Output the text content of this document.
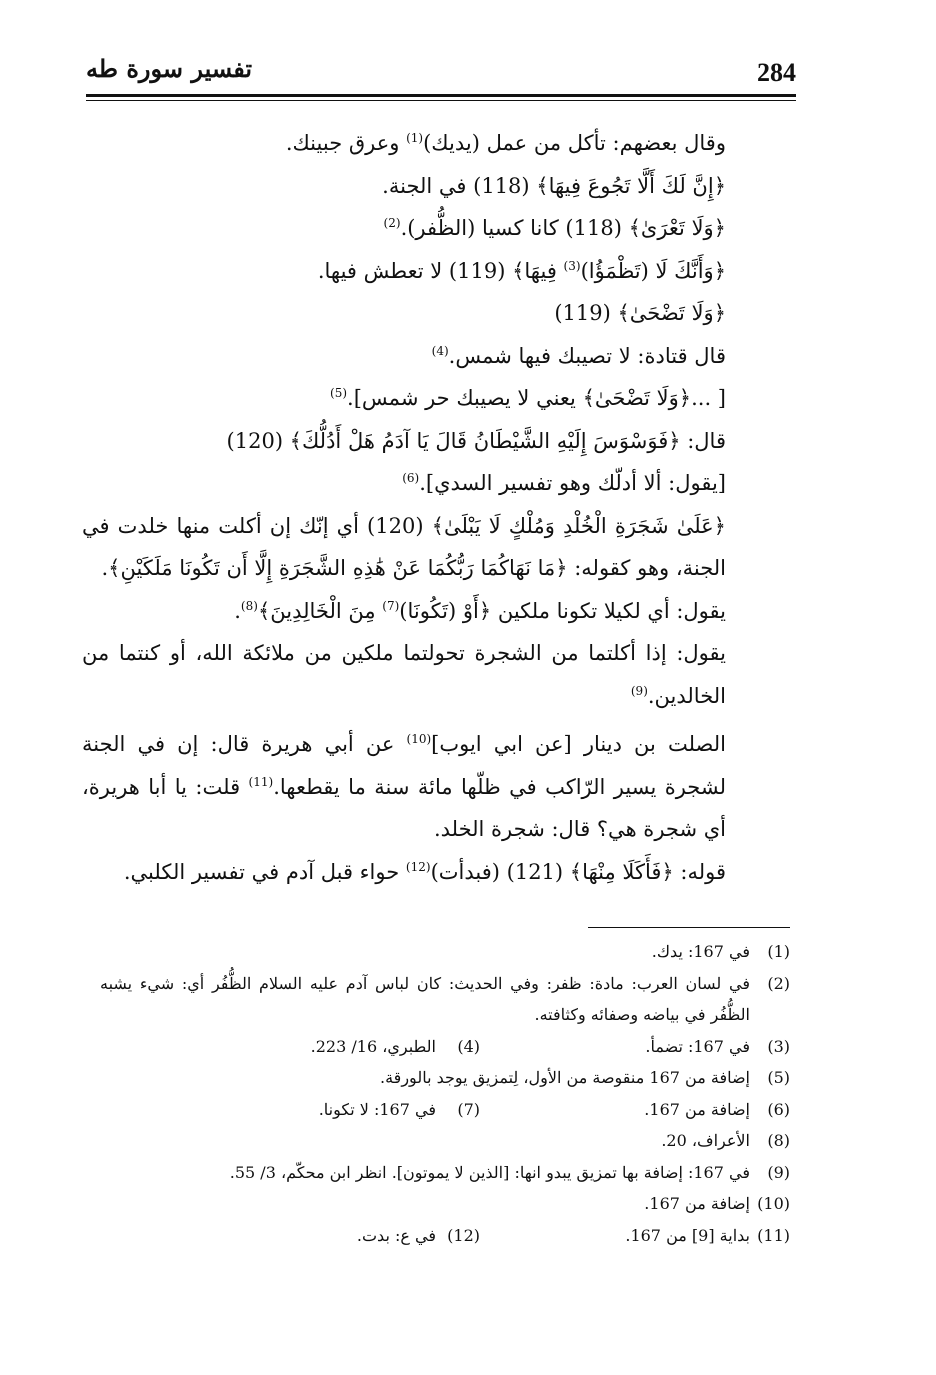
284
تفسير سورة طه

وقال بعضهم: تأكل من عمل (يديك)$^{(1)}$ وعرق جبينك.

﴿إِنَّ لَكَ أَلَّا تَجُوعَ فِيهَا﴾ (118) في الجنة.

﴿وَلَا تَعْرَىٰ﴾ (118) كانا كسيا (الظُّفر).$^{(2)}$

﴿وَأَنَّكَ لَا (تَظْمَؤُا)$^{(3)}$ فِيهَا﴾ (119) لا تعطش فيها.

﴿وَلَا تَضْحَىٰ﴾ (119)

قال قتادة: لا تصيبك فيها شمس.$^{(4)}$

[ ...﴿وَلَا تَضْحَىٰ﴾ يعني لا يصيبك حر شمس].$^{(5)}$

قال: ﴿فَوَسْوَسَ إِلَيْهِ الشَّيْطَانُ قَالَ يَا آدَمُ هَلْ أَدُلُّكَ﴾ (120)

[يقول: ألا أدلّك وهو تفسير السدي].$^{(6)}$

﴿عَلَىٰ شَجَرَةِ الْخُلْدِ وَمُلْكٍ لَا يَبْلَىٰ﴾ (120) أي إنّك إن أكلت منها خلدت في الجنة، وهو كقوله: ﴿مَا نَهَاكُمَا رَبُّكُمَا عَنْ هَٰذِهِ الشَّجَرَةِ إِلَّا أَن تَكُونَا مَلَكَيْنِ﴾.

يقول: أي لكيلا تكونا ملكين ﴿أَوْ (تَكُونَا)$^{(7)}$ مِنَ الْخَالِدِينَ﴾$^{(8)}$.

يقول: إذا أكلتما من الشجرة تحولتما ملكين من ملائكة الله، أو كنتما من الخالدين.$^{(9)}$

الصلت بن دينار [عن ابي ايوب]$^{(10)}$ عن أبي هريرة قال: إن في الجنة لشجرة يسير الرّاكب في ظلّها مائة سنة ما يقطعها.$^{(11)}$ قلت: يا أبا هريرة، أي شجرة هي؟ قال: شجرة الخلد.

قوله: ﴿فَأَكَلَا مِنْهَا﴾ (121) (فبدأت)$^{(12)}$ حواء قبل آدم في تفسير الكلبي.

(1)
في 167: يدك.
(2)
في لسان العرب: مادة: ظفر: وفي الحديث: كان لباس آدم عليه السلام الظُّفُر أي: شيء يشبه الظُّفُر في بياضه وصفائه وكثافته.
(3)
في 167: تضمأ.
(4)
الطبري، 16/ 223.
(5)
إضافة من 167 منقوصة من الأول، لِتمزيق يوجد بالورقة.
(6)
إضافة من 167.
(7)
في 167: لا تكونا.
(8)
الأعراف، 20.
(9)
في 167: إضافة بها تمزيق يبدو انها: [الذين لا يموتون]. انظر ابن محكّم، 3/ 55.
(10)
إضافة من 167.
(11)
بداية [9] من 167.
(12)
في ع: بدت.
